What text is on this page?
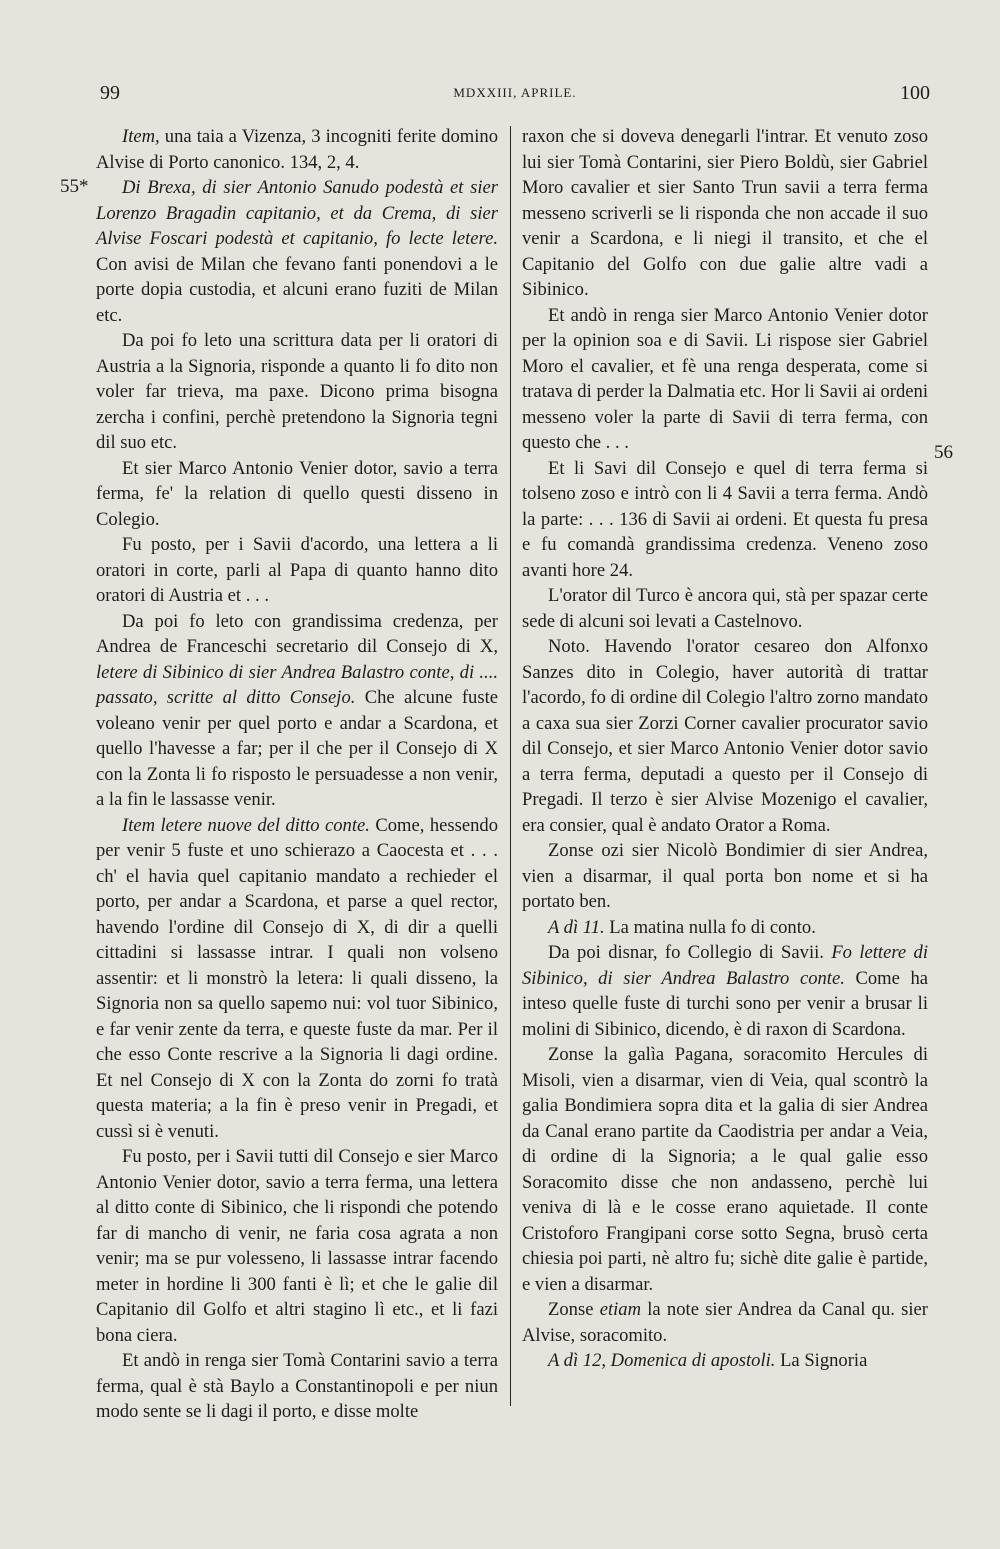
99	MDXXIII, APRILE.	100
55*
56

Item, una taia a Vizenza, 3 incogniti ferite domino Alvise di Porto canonico. 134, 2, 4.

Di Brexa, di sier Antonio Sanudo podestà et sier Lorenzo Bragadin capitanio, et da Crema, di sier Alvise Foscari podestà et capitanio, fo lecte letere. Con avisi de Milan che fevano fanti ponendovi a le porte dopia custodia, et alcuni erano fuziti de Milan etc.

Da poi fo leto una scrittura data per li oratori di Austria a la Signoria, risponde a quanto li fo dito non voler far trieva, ma paxe. Dicono prima bisogna zercha i confini, perchè pretendono la Signoria tegni dil suo etc.

Et sier Marco Antonio Venier dotor, savio a terra ferma, fe' la relation di quello questi disseno in Colegio.

Fu posto, per i Savii d'acordo, una lettera a li oratori in corte, parli al Papa di quanto hanno dito oratori di Austria et . . .

Da poi fo leto con grandissima credenza, per Andrea de Franceschi secretario dil Consejo di X, letere di Sibinico di sier Andrea Balastro conte, di .... passato, scritte al ditto Consejo. Che alcune fuste voleano venir per quel porto e andar a Scardona, et quello l'havesse a far; per il che per il Consejo di X con la Zonta li fo risposto le persuadesse a non venir, a la fin le lassasse venir.

Item letere nuove del ditto conte. Come, hessendo per venir 5 fuste et uno schierazo a Caocesta et . . . ch' el havia quel capitanio mandato a rechieder el porto, per andar a Scardona, et parse a quel rector, havendo l'ordine dil Consejo di X, di dir a quelli cittadini si lassasse intrar. I quali non volseno assentir: et li monstrò la letera: li quali disseno, la Signoria non sa quello sapemo nui: vol tuor Sibinico, e far venir zente da terra, e queste fuste da mar. Per il che esso Conte rescrive a la Signoria li dagi ordine. Et nel Consejo di X con la Zonta do zorni fo tratà questa materia; a la fin è preso venir in Pregadi, et cussì si è venuti.

Fu posto, per i Savii tutti dil Consejo e sier Marco Antonio Venier dotor, savio a terra ferma, una lettera al ditto conte di Sibinico, che li rispondi che potendo far di mancho di venir, ne faria cosa agrata a non venir; ma se pur volesseno, li lassasse intrar facendo meter in hordine li 300 fanti è lì; et che le galie dil Capitanio dil Golfo et altri stagino lì etc., et li fazi bona ciera.

Et andò in renga sier Tomà Contarini savio a terra ferma, qual è stà Baylo a Constantinopoli e per niun modo sente se li dagi il porto, e disse molte

raxon che si doveva denegarli l'intrar. Et venuto zoso lui sier Tomà Contarini, sier Piero Boldù, sier Gabriel Moro cavalier et sier Santo Trun savii a terra ferma messeno scriverli se li risponda che non accade il suo venir a Scardona, e li niegi il transito, et che el Capitanio del Golfo con due galie altre vadi a Sibinico.

Et andò in renga sier Marco Antonio Venier dotor per la opinion soa e di Savii. Li rispose sier Gabriel Moro el cavalier, et fè una renga desperata, come si tratava di perder la Dalmatia etc. Hor li Savii ai ordeni messeno voler la parte di Savii di terra ferma, con questo che . . .

Et li Savi dil Consejo e quel di terra ferma si tolseno zoso e intrò con li 4 Savii a terra ferma. Andò la parte: . . . 136 di Savii ai ordeni. Et questa fu presa e fu comandà grandissima credenza. Veneno zoso avanti hore 24.

L'orator dil Turco è ancora qui, stà per spazar certe sede di alcuni soi levati a Castelnovo.

Noto. Havendo l'orator cesareo don Alfonxo Sanzes dito in Colegio, haver autorità di trattar l'acordo, fo di ordine dil Colegio l'altro zorno mandato a caxa sua sier Zorzi Corner cavalier procurator savio dil Consejo, et sier Marco Antonio Venier dotor savio a terra ferma, deputadi a questo per il Consejo di Pregadi. Il terzo è sier Alvise Mozenigo el cavalier, era consier, qual è andato Orator a Roma.

Zonse ozi sier Nicolò Bondimier di sier Andrea, vien a disarmar, il qual porta bon nome et si ha portato ben.

A dì 11. La matina nulla fo di conto.

Da poi disnar, fo Collegio di Savii. Fo lettere di Sibinico, di sier Andrea Balastro conte. Come ha inteso quelle fuste di turchi sono per venir a brusar li molini di Sibinico, dicendo, è di raxon di Scardona.

Zonse la galìa Pagana, soracomito Hercules di Misoli, vien a disarmar, vien di Veia, qual scontrò la galia Bondimiera sopra dita et la galia di sier Andrea da Canal erano partite da Caodistria per andar a Veia, di ordine di la Signoria; a le qual galie esso Soracomito disse che non andasseno, perchè lui veniva di là e le cosse erano aquietade. Il conte Cristoforo Frangipani corse sotto Segna, brusò certa chiesia poi parti, nè altro fu; sichè dite galie è partide, e vien a disarmar.

Zonse etiam la note sier Andrea da Canal qu. sier Alvise, soracomito.

A dì 12, Domenica di apostoli. La Signoria
